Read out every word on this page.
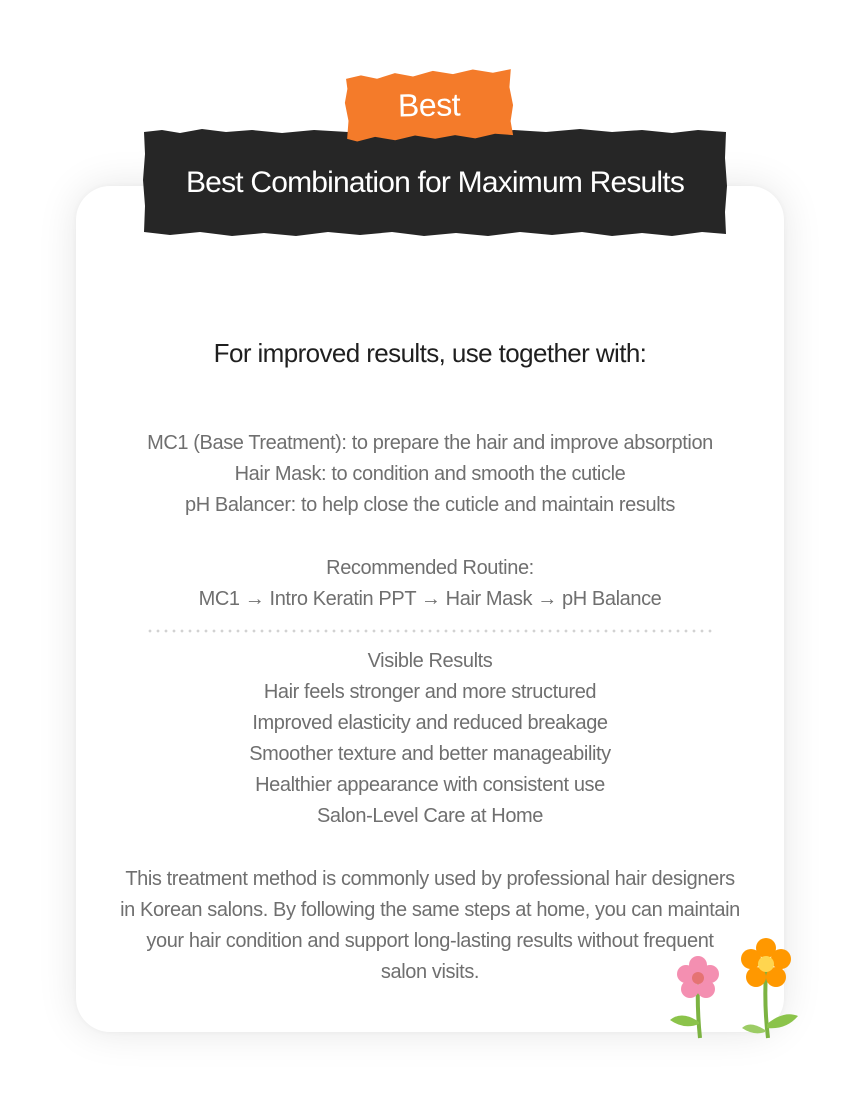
Best Combination for Maximum Results
Best
For improved results, use together with:
MC1 (Base Treatment): to prepare the hair and improve absorption
Hair Mask: to condition and smooth the cuticle
pH Balancer: to help close the cuticle and maintain results
Recommended Routine:
MC1 → Intro Keratin PPT → Hair Mask → pH Balance
Visible Results
Hair feels stronger and more structured
Improved elasticity and reduced breakage
Smoother texture and better manageability
Healthier appearance with consistent use
Salon-Level Care at Home
This treatment method is commonly used by professional hair designers
in Korean salons. By following the same steps at home, you can maintain
your hair condition and support long-lasting results without frequent
salon visits.
